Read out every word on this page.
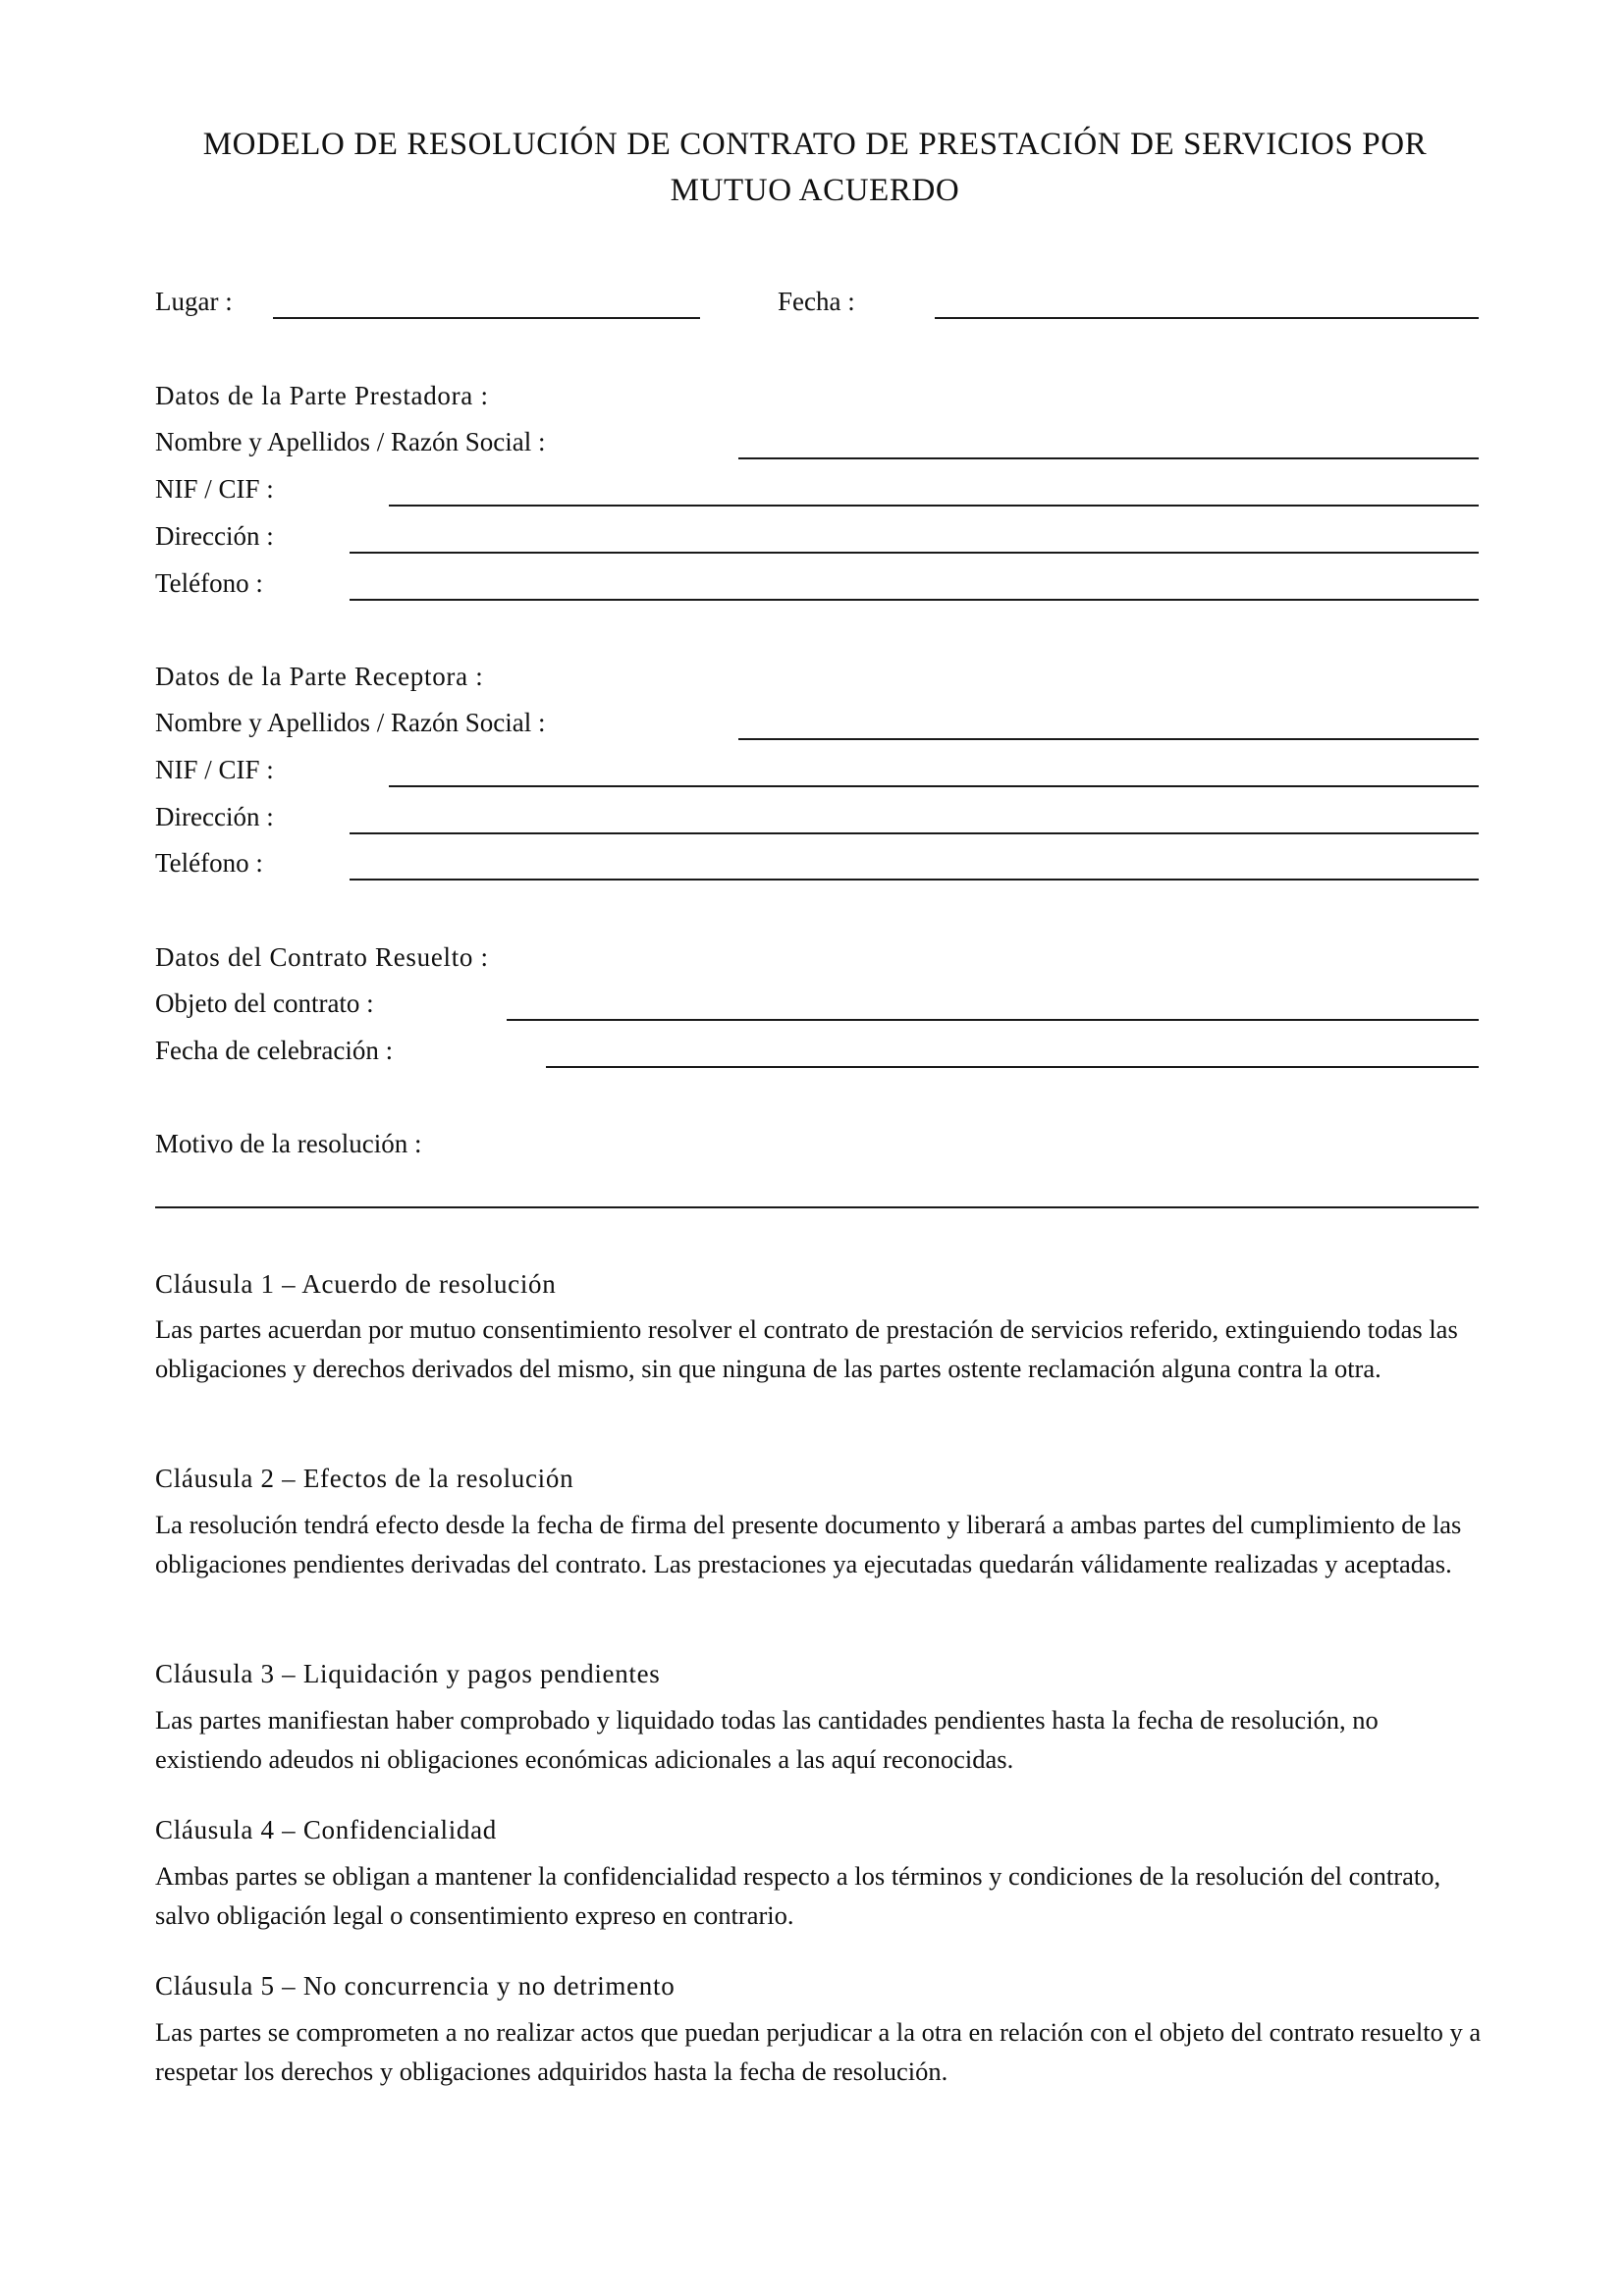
MODELO DE RESOLUCIÓN DE CONTRATO DE PRESTACIÓN DE SERVICIOS POR MUTUO ACUERDO
Lugar :	Fecha :
Datos de la Parte Prestadora :
Nombre y Apellidos / Razón Social :
NIF / CIF :
Dirección :
Teléfono :
Datos de la Parte Receptora :
Nombre y Apellidos / Razón Social :
NIF / CIF :
Dirección :
Teléfono :
Datos del Contrato Resuelto :
Objeto del contrato :
Fecha de celebración :
Motivo de la resolución :
Cláusula 1 – Acuerdo de resolución
Las partes acuerdan por mutuo consentimiento resolver el contrato de prestación de servicios referido, extinguiendo todas las obligaciones y derechos derivados del mismo, sin que ninguna de las partes ostente reclamación alguna contra la otra.
Cláusula 2 – Efectos de la resolución
La resolución tendrá efecto desde la fecha de firma del presente documento y liberará a ambas partes del cumplimiento de las obligaciones pendientes derivadas del contrato. Las prestaciones ya ejecutadas quedarán válidamente realizadas y aceptadas.
Cláusula 3 – Liquidación y pagos pendientes
Las partes manifiestan haber comprobado y liquidado todas las cantidades pendientes hasta la fecha de resolución, no existiendo adeudos ni obligaciones económicas adicionales a las aquí reconocidas.
Cláusula 4 – Confidencialidad
Ambas partes se obligan a mantener la confidencialidad respecto a los términos y condiciones de la resolución del contrato, salvo obligación legal o consentimiento expreso en contrario.
Cláusula 5 – No concurrencia y no detrimento
Las partes se comprometen a no realizar actos que puedan perjudicar a la otra en relación con el objeto del contrato resuelto y a respetar los derechos y obligaciones adquiridos hasta la fecha de resolución.
